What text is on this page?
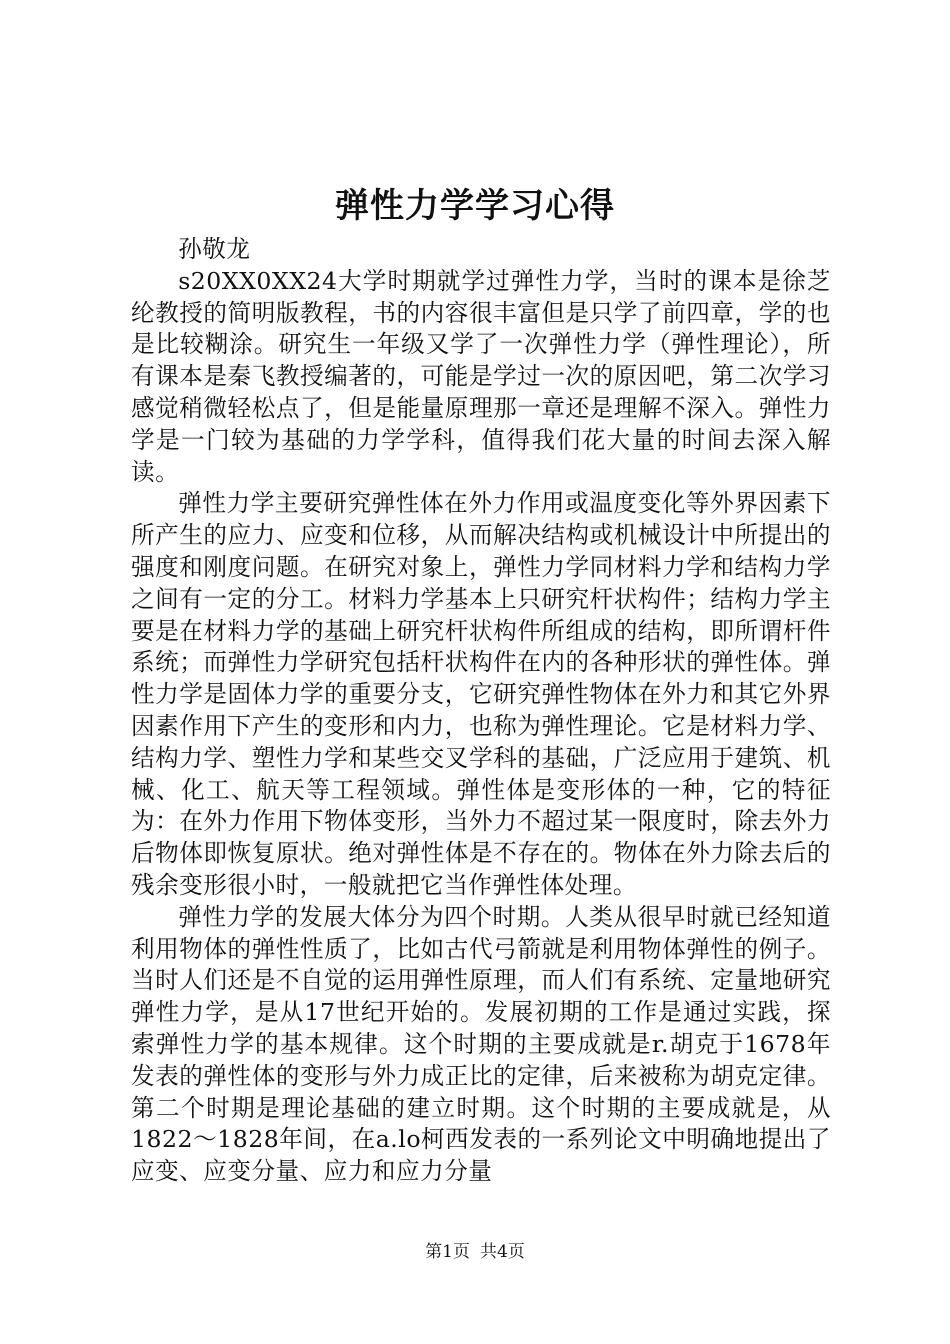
弹性力学学习心得

孙敬龙

s20XX0XX24大学时期就学过弹性力学，当时的课本是徐芝纶教授的简明版教程，书的内容很丰富但是只学了前四章，学的也是比较糊涂。研究生一年级又学了一次弹性力学（弹性理论），所有课本是秦飞教授编著的，可能是学过一次的原因吧，第二次学习感觉稍微轻松点了，但是能量原理那一章还是理解不深入。弹性力学是一门较为基础的力学学科，值得我们花大量的时间去深入解读。

弹性力学主要研究弹性体在外力作用或温度变化等外界因素下所产生的应力、应变和位移，从而解决结构或机械设计中所提出的强度和刚度问题。在研究对象上，弹性力学同材料力学和结构力学之间有一定的分工。材料力学基本上只研究杆状构件；结构力学主要是在材料力学的基础上研究杆状构件所组成的结构，即所谓杆件系统；而弹性力学研究包括杆状构件在内的各种形状的弹性体。弹性力学是固体力学的重要分支，它研究弹性物体在外力和其它外界因素作用下产生的变形和内力，也称为弹性理论。它是材料力学、结构力学、塑性力学和某些交叉学科的基础，广泛应用于建筑、机械、化工、航天等工程领域。弹性体是变形体的一种，它的特征为：在外力作用下物体变形，当外力不超过某一限度时，除去外力后物体即恢复原状。绝对弹性体是不存在的。物体在外力除去后的残余变形很小时，一般就把它当作弹性体处理。

弹性力学的发展大体分为四个时期。人类从很早时就已经知道利用物体的弹性性质了，比如古代弓箭就是利用物体弹性的例子。当时人们还是不自觉的运用弹性原理，而人们有系统、定量地研究弹性力学，是从17世纪开始的。发展初期的工作是通过实践，探索弹性力学的基本规律。这个时期的主要成就是r.胡克于1678年发表的弹性体的变形与外力成正比的定律，后来被称为胡克定律。第二个时期是理论基础的建立时期。这个时期的主要成就是，从1822～1828年间，在a.lo柯西发表的一系列论文中明确地提出了应变、应变分量、应力和应力分量

第1页 共4页
